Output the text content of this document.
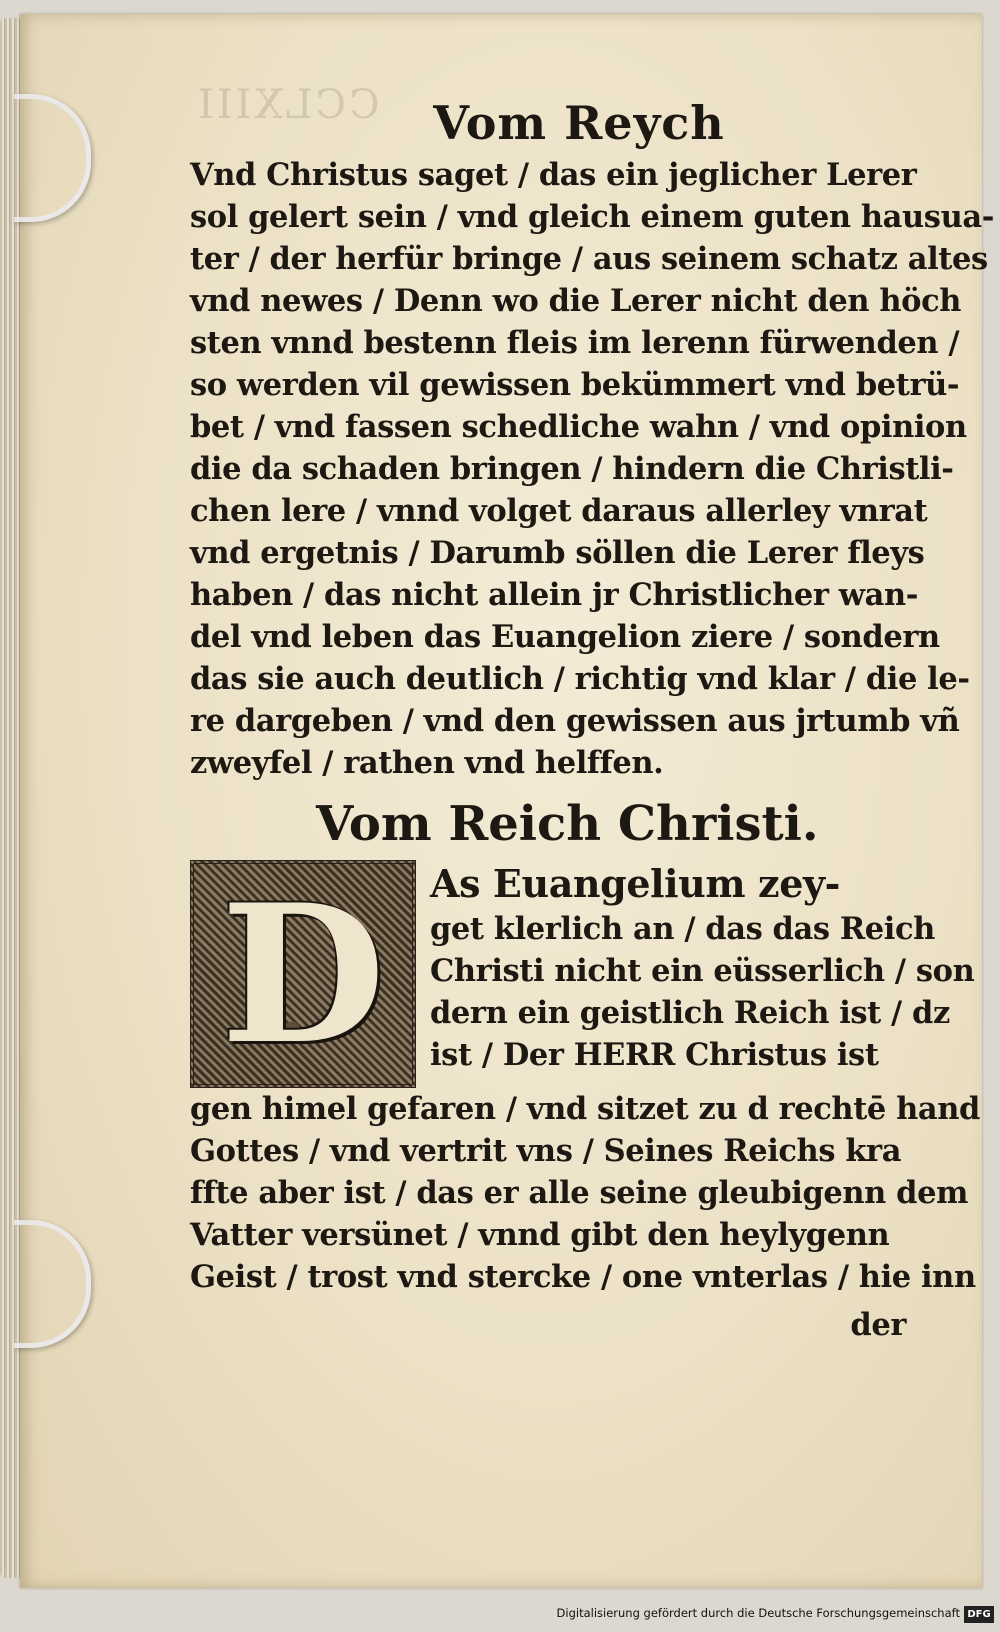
CCLXIII	Vom Reych
Vnd Christus saget / das ein jeglicher Lerer
sol gelert sein / vnd gleich einem guten hausua-
ter / der herfür bringe / aus seinem schatz altes
vnd newes / Denn wo die Lerer nicht den höch
sten vnnd bestenn fleis im lerenn fürwenden /
so werden vil gewissen bekümmert vnd betrü-
bet / vnd fassen schedliche wahn / vnd opinion
die da schaden bringen / hindern die Christli-
chen lere / vnnd volget daraus allerley vnrat
vnd ergetnis / Darumb söllen die Lerer fleys
haben / das nicht allein jr Christlicher wan-
del vnd leben das Euangelion ziere / sondern
das sie auch deutlich / richtig vnd klar / die le-
re dargeben / vnd den gewissen aus jrtumb vñ
zweyfel / rathen vnd helffen.
Vom Reich Christi.
D	As Euangelium zey-
get klerlich an / das das Reich
Christi nicht ein eüsserlich / son
dern ein geistlich Reich ist / dz
ist / Der HERR Christus ist
gen himel gefaren / vnd sitzet zu d rechtē hand
Gottes / vnd vertrit vns / Seines Reichs kra
ffte aber ist / das er alle seine gleubigenn dem
Vatter versünet / vnnd gibt den heylygenn
Geist / trost vnd stercke / one vnterlas / hie inn
der
Digitalisierung gefördert durch die Deutsche Forschungsgemeinschaft DFG
